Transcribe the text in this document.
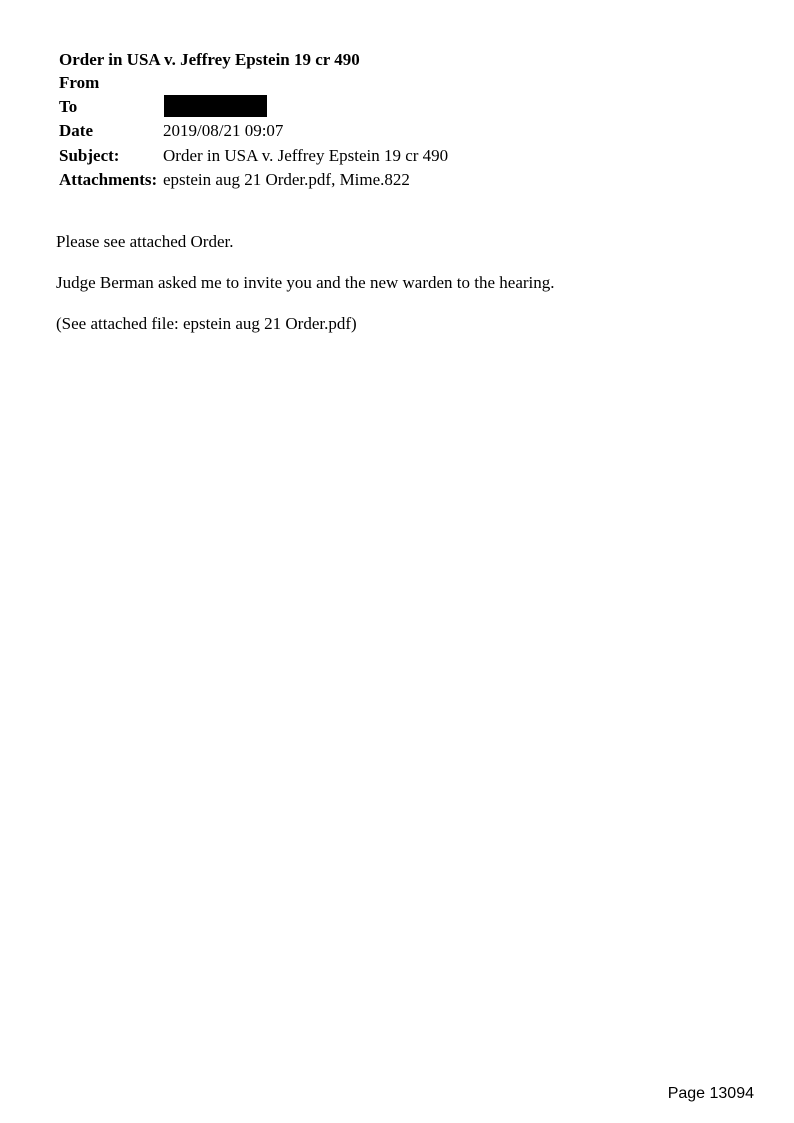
Order in USA v. Jeffrey Epstein 19 cr 490
From
To
Date	2019/08/21 09:07
Subject:	Order in USA v. Jeffrey Epstein 19 cr 490
Attachments: epstein aug 21 Order.pdf, Mime.822
Please see attached Order.
Judge Berman asked me to invite you and the new warden to the hearing.
(See attached file: epstein aug 21 Order.pdf)
Page 13094
